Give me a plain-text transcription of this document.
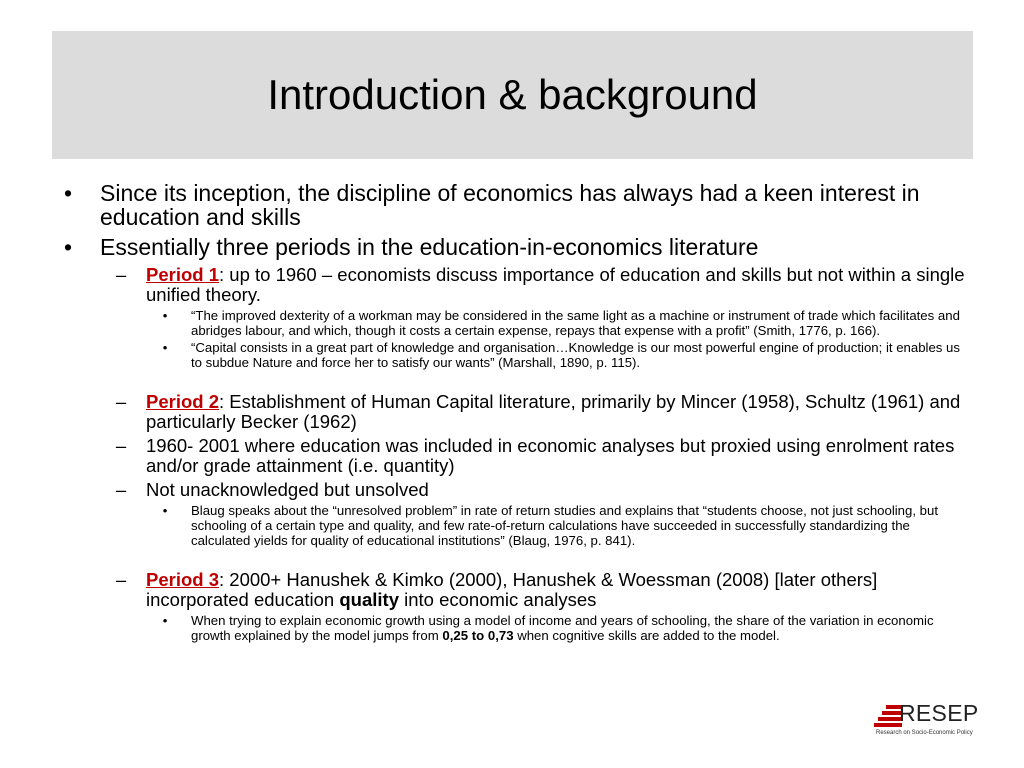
Introduction & background
• Since its inception, the discipline of economics has always had a keen interest in education and skills
• Essentially three periods in the education-in-economics literature
– Period 1: up to 1960 – economists discuss importance of education and skills but not within a single unified theory.
•	“The improved dexterity of a workman may be considered in the same light as a machine or instrument of trade which facilitates and abridges labour, and which, though it costs a certain expense, repays that expense with a profit” (Smith, 1776, p. 166).
•	“Capital consists in a great part of knowledge and organisation…Knowledge is our most powerful engine of production; it enables us to subdue Nature and force her to satisfy our wants” (Marshall, 1890, p. 115).
– Period 2: Establishment of Human Capital literature, primarily by Mincer (1958), Schultz (1961) and particularly Becker (1962)
– 1960- 2001 where education was included in economic analyses but proxied using enrolment rates and/or grade attainment (i.e. quantity)
– Not unacknowledged but unsolved
•	Blaug speaks about the “unresolved problem” in rate of return studies and explains that “students choose, not just schooling, but schooling of a certain type and quality, and few rate-of-return calculations have succeeded in successfully standardizing the calculated yields for quality of educational institutions” (Blaug, 1976, p. 841).
– Period 3: 2000+ Hanushek & Kimko (2000), Hanushek & Woessman (2008) [later others] incorporated education quality into economic analyses
•	When trying to explain economic growth using a model of income and years of schooling, the share of the variation in economic growth explained by the model jumps from 0,25 to 0,73 when cognitive skills are added to the model.
RESEP
Research on Socio-Economic Policy
